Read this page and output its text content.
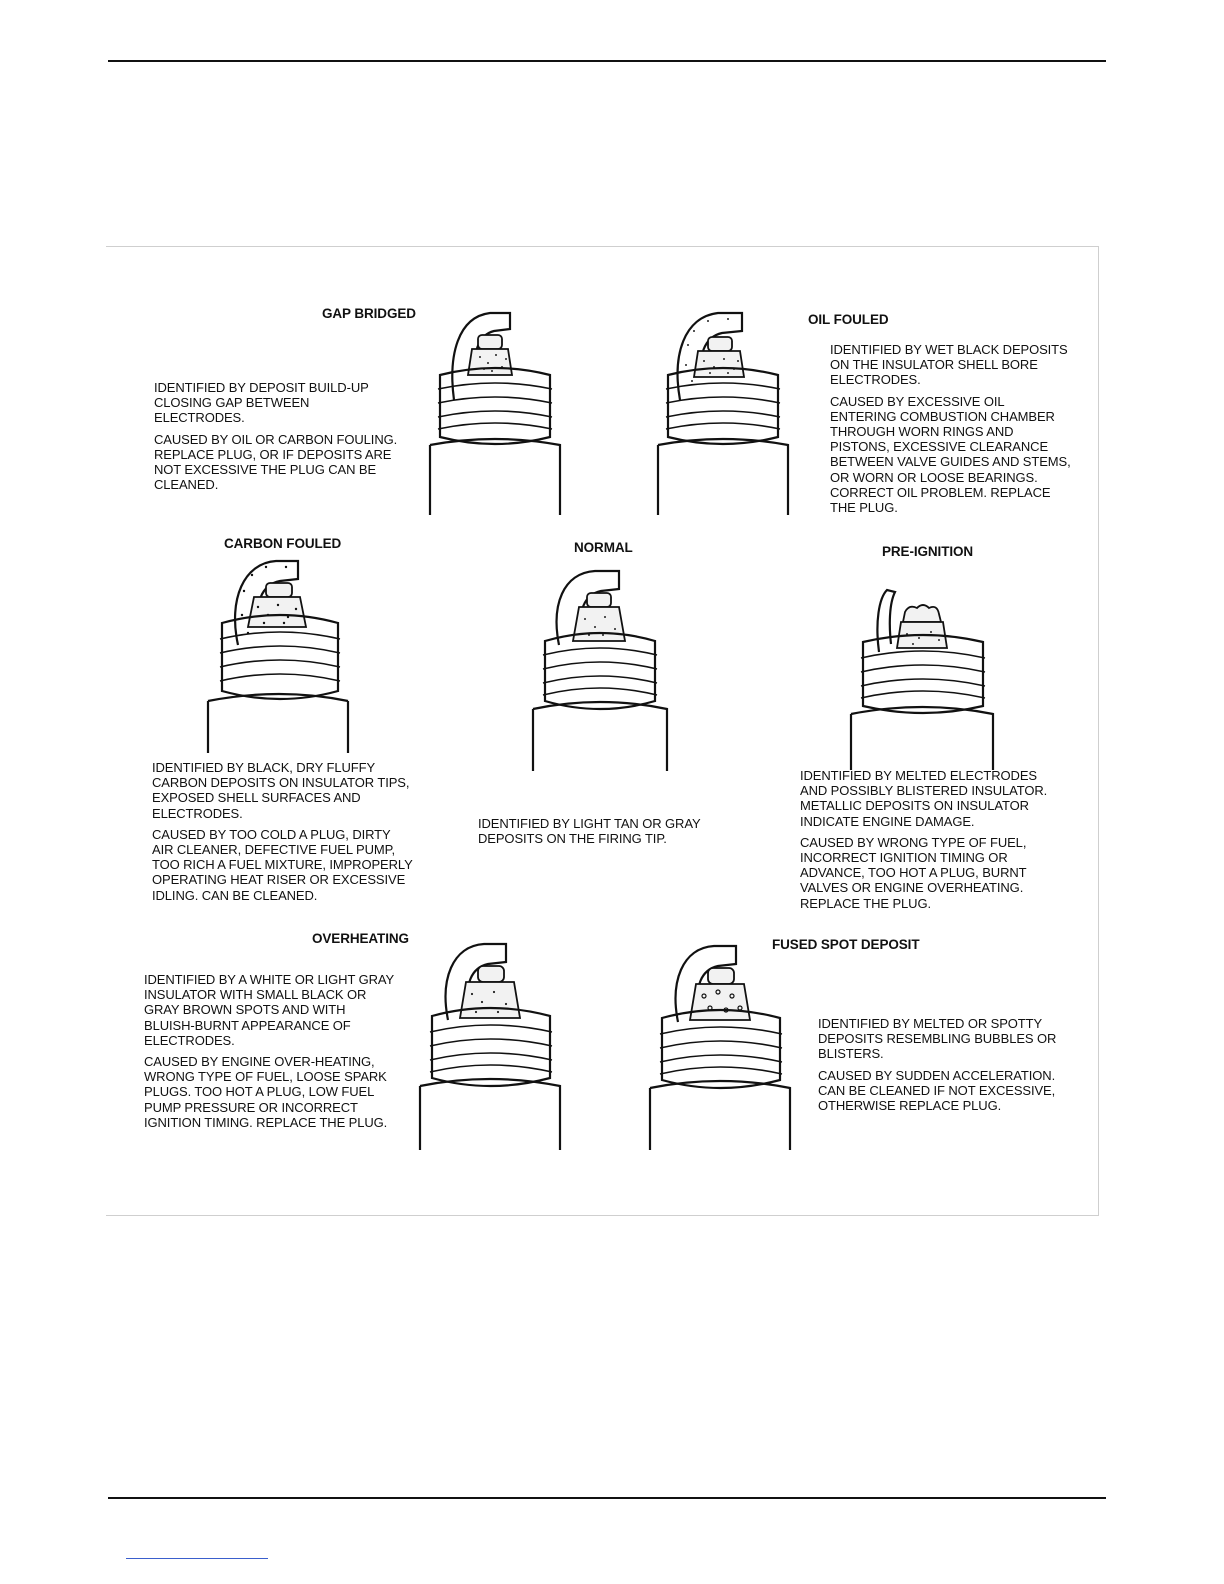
GAP BRIDGED

IDENTIFIED BY DEPOSIT BUILD-UP CLOSING GAP BETWEEN ELECTRODES.

CAUSED BY OIL OR CARBON FOULING. REPLACE PLUG, OR IF DEPOSITS ARE NOT EXCESSIVE THE PLUG CAN BE CLEANED.

OIL FOULED

IDENTIFIED BY WET BLACK DEPOSITS ON THE INSULATOR SHELL BORE ELECTRODES.

CAUSED BY EXCESSIVE OIL ENTERING COMBUSTION CHAMBER THROUGH WORN RINGS AND PISTONS, EXCESSIVE CLEARANCE BETWEEN VALVE GUIDES AND STEMS, OR WORN OR LOOSE BEARINGS. CORRECT OIL PROBLEM. REPLACE THE PLUG.

CARBON FOULED

IDENTIFIED BY BLACK, DRY FLUFFY CARBON DEPOSITS ON INSULATOR TIPS, EXPOSED SHELL SURFACES AND ELECTRODES.

CAUSED BY TOO COLD A PLUG, DIRTY AIR CLEANER, DEFECTIVE FUEL PUMP, TOO RICH A FUEL MIXTURE, IMPROPERLY OPERATING HEAT RISER OR EXCESSIVE IDLING. CAN BE CLEANED.

NORMAL

IDENTIFIED BY LIGHT TAN OR GRAY DEPOSITS ON THE FIRING TIP.

PRE-IGNITION

IDENTIFIED BY MELTED ELECTRODES AND POSSIBLY BLISTERED INSULATOR. METALLIC DEPOSITS ON INSULATOR INDICATE ENGINE DAMAGE.

CAUSED BY WRONG TYPE OF FUEL, INCORRECT IGNITION TIMING OR ADVANCE, TOO HOT A PLUG, BURNT VALVES OR ENGINE OVERHEATING. REPLACE THE PLUG.

OVERHEATING

IDENTIFIED BY A WHITE OR LIGHT GRAY INSULATOR WITH SMALL BLACK OR GRAY BROWN SPOTS AND WITH BLUISH-BURNT APPEARANCE OF ELECTRODES.

CAUSED BY ENGINE OVER-HEATING, WRONG TYPE OF FUEL, LOOSE SPARK PLUGS. TOO HOT A PLUG, LOW FUEL PUMP PRESSURE OR INCORRECT IGNITION TIMING. REPLACE THE PLUG.

FUSED SPOT DEPOSIT

IDENTIFIED BY MELTED OR SPOTTY DEPOSITS RESEMBLING BUBBLES OR BLISTERS.

CAUSED BY SUDDEN ACCELERATION. CAN BE CLEANED IF NOT EXCESSIVE, OTHERWISE REPLACE PLUG.
